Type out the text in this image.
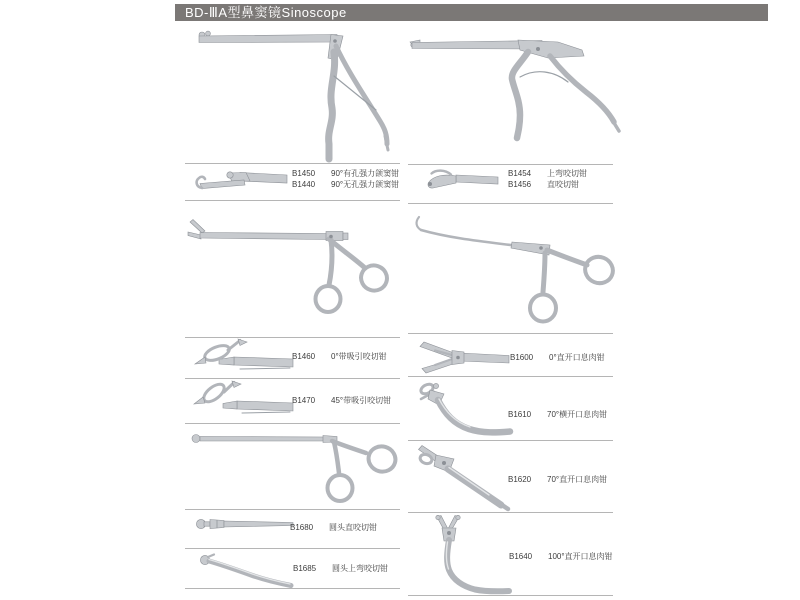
BD-ⅢA型鼻窦镜Sinoscope
B1450 90°有孔强力颌窦钳
B1440 90°无孔强力颌窦钳
B1454 上弯咬切钳
B1456 直咬切钳
B1460 0°带吸引咬切钳
B1470 45°带吸引咬切钳
B1600 0°直开口息肉钳
B1610 70°横开口息肉钳
B1620 70°直开口息肉钳
B1640 100°直开口息肉钳
B1680 圆头直咬切钳
B1685 圆头上弯咬切钳
